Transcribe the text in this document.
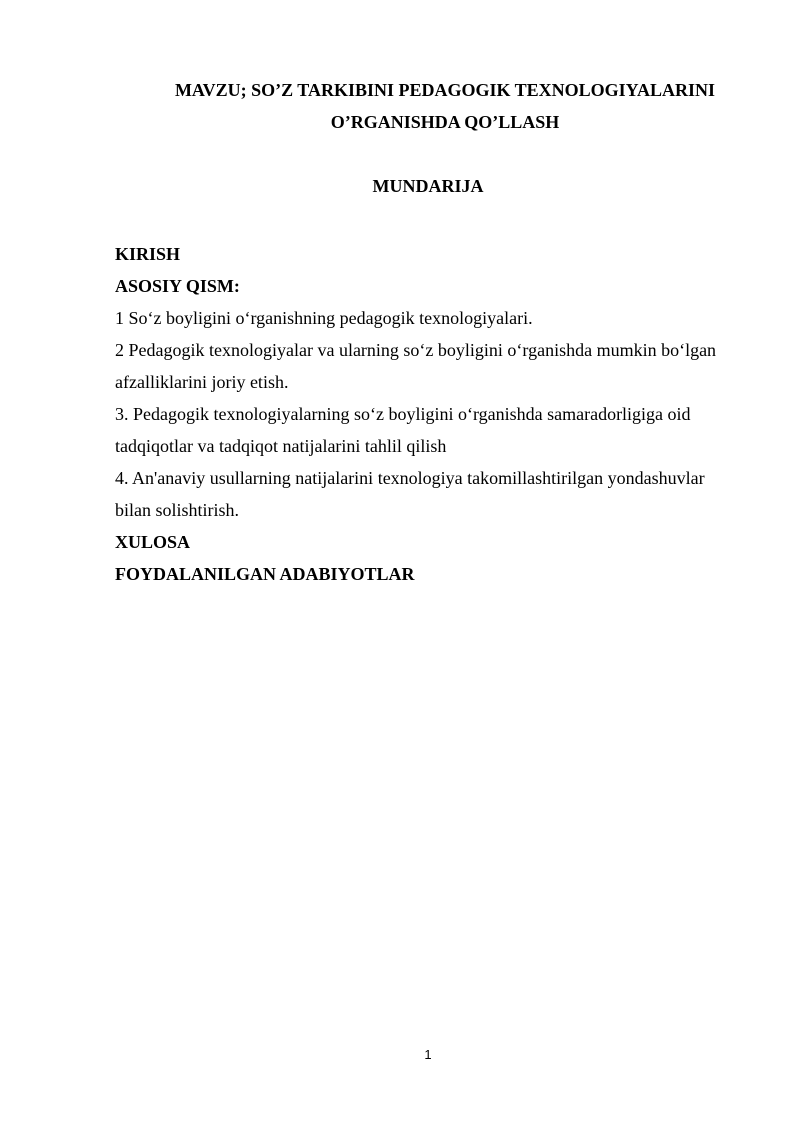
MAVZU; SO’Z TARKIBINI PEDAGOGIK TEXNOLOGIYALARINI
O’RGANISHDA QO’LLASH
MUNDARIJA
KIRISH
ASOSIY QISM:
1 So‘z boyligini o‘rganishning pedagogik texnologiyalari.
2 Pedagogik texnologiyalar va ularning so‘z boyligini o‘rganishda mumkin bo‘lgan
afzalliklarini joriy etish.
3. Pedagogik texnologiyalarning so‘z boyligini o‘rganishda samaradorligiga oid
tadqiqotlar va tadqiqot natijalarini tahlil qilish
4. An'anaviy usullarning natijalarini texnologiya takomillashtirilgan yondashuvlar
bilan solishtirish.
XULOSA
FOYDALANILGAN ADABIYOTLAR
1
